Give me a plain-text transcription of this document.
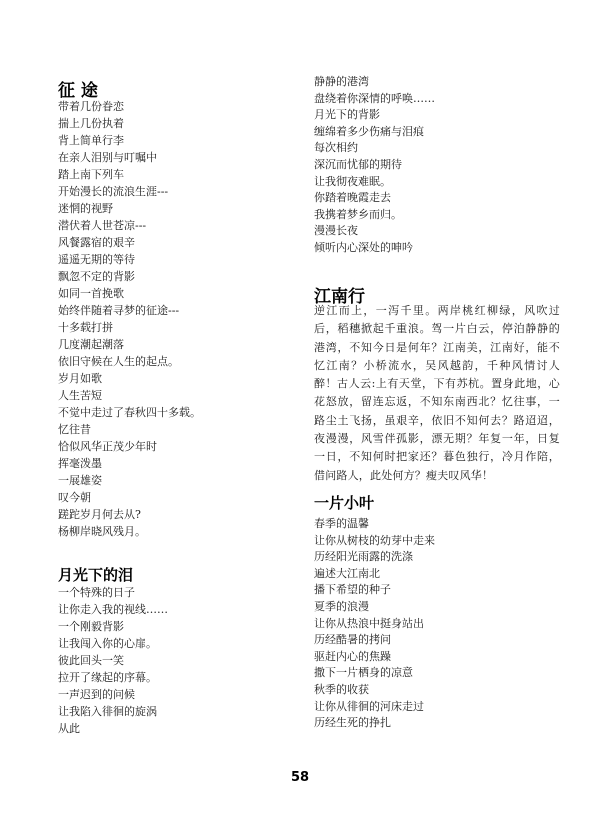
征 途
带着几份眷恋
揣上几份执着
背上简单行李
在亲人泪别与叮嘱中
踏上南下列车
开始漫长的流浪生涯---
迷惘的视野
潜伏着人世苍凉---
风餐露宿的艰辛
遥遥无期的等待
飘忽不定的背影
如同一首挽歌
始终伴随着寻梦的征途---
十多载打拼
几度潮起潮落
依旧守候在人生的起点。
岁月如歌
人生苦短
不觉中走过了春秋四十多载。
忆往昔
恰似风华正茂少年时
挥毫泼墨
一展雄姿
叹今朝
蹉跎岁月何去从?
杨柳岸晓风残月。
月光下的泪
一个特殊的日子
让你走入我的视线……
一个刚毅背影
让我闯入你的心扉。
彼此回头一笑
拉开了缘起的序幕。
一声迟到的问候
让我陷入徘徊的旋涡
从此
静静的港湾
盘绕着你深情的呼唤……
月光下的背影
缠绵着多少伤痛与泪痕
每次相约
深沉而忧郁的期待
让我彻夜难眠。
你踏着晚霞走去
我携着梦乡而归。
漫漫长夜
倾听内心深处的呻吟
江南行
逆江而上，一泻千里。两岸桃红柳绿，风吹过后，稻穗掀起千重浪。驾一片白云，停泊静静的港湾，不知今日是何年？江南美，江南好，能不忆江南？小桥流水，吴风越韵，千种风情讨人醉！古人云:上有天堂，下有苏杭。置身此地，心花怒放，留连忘返，不知东南西北？忆往事，一路尘土飞扬，虽艰辛，依旧不知何去？路迢迢，夜漫漫，风雪伴孤影，漂无期？年复一年，日复一日，不知何时把家还？暮色独行，冷月作陪，借问路人，此处何方？瘦夫叹风华！
一片小叶
春季的温馨
让你从树枝的幼芽中走来
历经阳光雨露的洗涤
遍述大江南北
播下希望的种子
夏季的浪漫
让你从热浪中挺身站出
历经酷暑的拷问
驱赶内心的焦躁
撒下一片栖身的凉意
秋季的收获
让你从徘徊的河床走过
历经生死的挣扎
58
